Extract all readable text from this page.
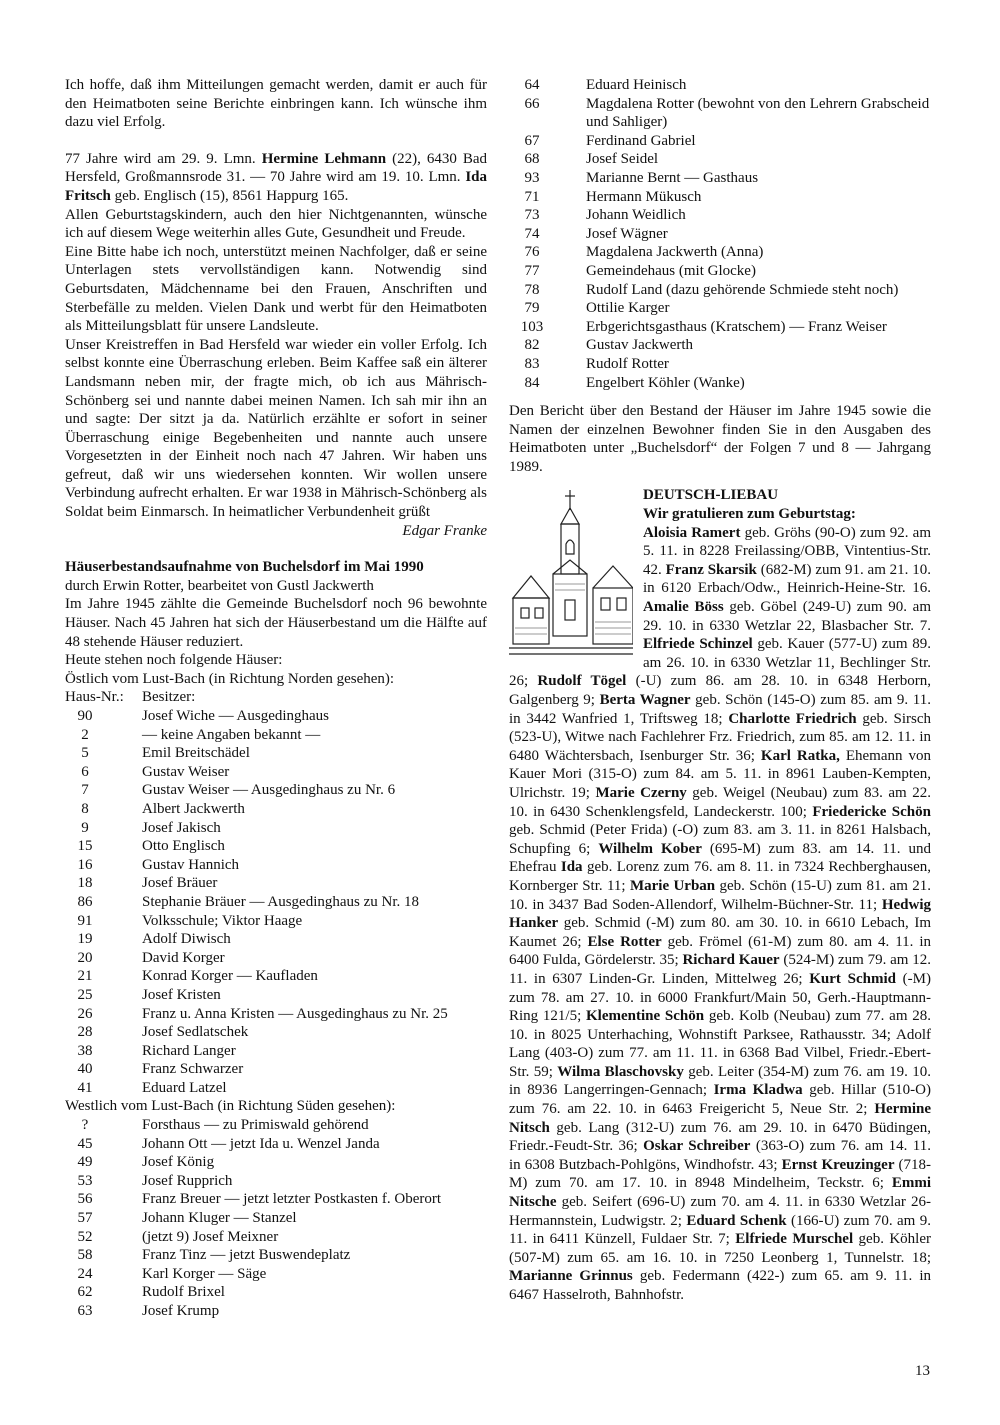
Ich hoffe, daß ihm Mitteilungen gemacht werden, damit er auch für den Heimatboten seine Berichte einbringen kann. Ich wünsche ihm dazu viel Erfolg.

77 Jahre wird am 29. 9. Lmn. Hermine Lehmann (22), 6430 Bad Hersfeld, Großmannsrode 31. — 70 Jahre wird am 19. 10. Lmn. Ida Fritsch geb. Englisch (15), 8561 Happurg 165.

Allen Geburtstagskindern, auch den hier Nichtgenannten, wünsche ich auf diesem Wege weiterhin alles Gute, Gesundheit und Freude.

Eine Bitte habe ich noch, unterstützt meinen Nachfolger, daß er seine Unterlagen stets vervollständigen kann. Notwendig sind Geburtsdaten, Mädchenname bei den Frauen, Anschriften und Sterbefälle zu melden. Vielen Dank und werbt für den Heimatboten als Mitteilungsblatt für unsere Landsleute.

Unser Kreistreffen in Bad Hersfeld war wieder ein voller Erfolg. Ich selbst konnte eine Überraschung erleben. Beim Kaffee saß ein älterer Landsmann neben mir, der fragte mich, ob ich aus Mährisch-Schönberg sei und nannte dabei meinen Namen. Ich sah mir ihn an und sagte: Der sitzt ja da. Natürlich erzählte er sofort in seiner Überraschung einige Begebenheiten und nannte auch unsere Vorgesetzten in der Einheit noch nach 47 Jahren. Wir haben uns gefreut, daß wir uns wiedersehen konnten. Wir wollen unsere Verbindung aufrecht erhalten. Er war 1938 in Mährisch-Schönberg als Soldat beim Einmarsch. In heimatlicher Verbundenheit grüßt

Edgar Franke

Häuserbestandsaufnahme von Buchelsdorf im Mai 1990

durch Erwin Rotter, bearbeitet von Gustl Jackwerth

Im Jahre 1945 zählte die Gemeinde Buchelsdorf noch 96 bewohnte Häuser. Nach 45 Jahren hat sich der Häuserbestand um die Hälfte auf 48 stehende Häuser reduziert.

Heute stehen noch folgende Häuser:

Östlich vom Lust-Bach (in Richtung Norden gesehen):

Haus-Nr.:	Besitzer:
90	Josef Wiche — Ausgedinghaus
2	— keine Angaben bekannt —
5	Emil Breitschädel
6	Gustav Weiser
7	Gustav Weiser — Ausgedinghaus zu Nr. 6
8	Albert Jackwerth
9	Josef Jakisch
15	Otto Englisch
16	Gustav Hannich
18	Josef Bräuer
86	Stephanie Bräuer — Ausgedinghaus zu Nr. 18
91	Volksschule; Viktor Haage
19	Adolf Diwisch
20	David Korger
21	Konrad Korger — Kaufladen
25	Josef Kristen
26	Franz u. Anna Kristen — Ausgedinghaus zu Nr. 25
28	Josef Sedlatschek
38	Richard Langer
40	Franz Schwarzer
41	Eduard Latzel

Westlich vom Lust-Bach (in Richtung Süden gesehen):

?	Forsthaus — zu Primiswald gehörend
45	Johann Ott — jetzt Ida u. Wenzel Janda
49	Josef König
53	Josef Rupprich
56	Franz Breuer — jetzt letzter Postkasten f. Oberort
57	Johann Kluger — Stanzel
52	(jetzt 9) Josef Meixner
58	Franz Tinz — jetzt Buswendeplatz
24	Karl Korger — Säge
62	Rudolf Brixel
63	Josef Krump
64	Eduard Heinisch
66	Magdalena Rotter (bewohnt von den Lehrern Grabscheid und Sahliger)
67	Ferdinand Gabriel
68	Josef Seidel
93	Marianne Bernt — Gasthaus
71	Hermann Mükusch
73	Johann Weidlich
74	Josef Wägner
76	Magdalena Jackwerth (Anna)
77	Gemeindehaus (mit Glocke)
78	Rudolf Land (dazu gehörende Schmiede steht noch)
79	Ottilie Karger
103	Erbgerichtsgasthaus (Kratschem) — Franz Weiser
82	Gustav Jackwerth
83	Rudolf Rotter
84	Engelbert Köhler (Wanke)

Den Bericht über den Bestand der Häuser im Jahre 1945 sowie die Namen der einzelnen Bewohner finden Sie in den Ausgaben des Heimatboten unter „Buchelsdorf“ der Folgen 7 und 8 — Jahrgang 1989.

DEUTSCH-LIEBAU

Wir gratulieren zum Geburtstag:

Aloisia Ramert geb. Gröhs (90-O) zum 92. am 5. 11. in 8228 Freilassing/OBB, Vintentius-Str. 42. Franz Skarsik (682-M) zum 91. am 21. 10. in 6120 Erbach/Odw., Heinrich-Heine-Str. 16. Amalie Böss geb. Göbel (249-U) zum 90. am 29. 10. in 6330 Wetzlar 22, Blasbacher Str. 7. Elfriede Schinzel geb. Kauer (577-U) zum 89. am 26. 10. in 6330 Wetzlar 11, Bechlinger Str. 26; Rudolf Tögel (-U) zum 86. am 28. 10. in 6348 Herborn, Galgenberg 9; Berta Wagner geb. Schön (145-O) zum 85. am 9. 11. in 3442 Wanfried 1, Triftsweg 18; Charlotte Friedrich geb. Sirsch (523-U), Witwe nach Fachlehrer Frz. Friedrich, zum 85. am 12. 11. in 6480 Wächtersbach, Isenburger Str. 36; Karl Ratka, Ehemann von Kauer Mori (315-O) zum 84. am 5. 11. in 8961 Lauben-Kempten, Ulrichstr. 19; Marie Czerny geb. Weigel (Neubau) zum 83. am 22. 10. in 6430 Schenklengsfeld, Landeckerstr. 100; Friedericke Schön geb. Schmid (Peter Frida) (-O) zum 83. am 3. 11. in 8261 Halsbach, Schupfing 6; Wilhelm Kober (695-M) zum 83. am 14. 11. und Ehefrau Ida geb. Lorenz zum 76. am 8. 11. in 7324 Rechberghausen, Kornberger Str. 11; Marie Urban geb. Schön (15-U) zum 81. am 21. 10. in 3437 Bad Soden-Allendorf, Wilhelm-Büchner-Str. 11; Hedwig Hanker geb. Schmid (-M) zum 80. am 30. 10. in 6610 Lebach, Im Kaumet 26; Else Rotter geb. Frömel (61-M) zum 80. am 4. 11. in 6400 Fulda, Gördelerstr. 35; Richard Kauer (524-M) zum 79. am 12. 11. in 6307 Linden-Gr. Linden, Mittelweg 26; Kurt Schmid (-M) zum 78. am 27. 10. in 6000 Frankfurt/Main 50, Gerh.-Hauptmann-Ring 121/5; Klementine Schön geb. Kolb (Neubau) zum 77. am 28. 10. in 8025 Unterhaching, Wohnstift Parksee, Rathausstr. 34; Adolf Lang (403-O) zum 77. am 11. 11. in 6368 Bad Vilbel, Friedr.-Ebert-Str. 59; Wilma Blaschovsky geb. Leiter (354-M) zum 76. am 19. 10. in 8936 Langerringen-Gennach; Irma Kladwa geb. Hillar (510-O) zum 76. am 22. 10. in 6463 Freigericht 5, Neue Str. 2; Hermine Nitsch geb. Lang (312-U) zum 76. am 29. 10. in 6470 Büdingen, Friedr.-Feudt-Str. 36; Oskar Schreiber (363-O) zum 76. am 14. 11. in 6308 Butzbach-Pohlgöns, Windhofstr. 43; Ernst Kreuzinger (718-M) zum 70. am 17. 10. in 8948 Mindelheim, Teckstr. 6; Emmi Nitsche geb. Seifert (696-U) zum 70. am 4. 11. in 6330 Wetzlar 26-Hermannstein, Ludwigstr. 2; Eduard Schenk (166-U) zum 70. am 9. 11. in 6411 Künzell, Fuldaer Str. 7; Elfriede Murschel geb. Köhler (507-M) zum 65. am 16. 10. in 7250 Leonberg 1, Tunnelstr. 18; Marianne Grinnus geb. Federmann (422-) zum 65. am 9. 11. in 6467 Hasselroth, Bahnhofstr.

13
